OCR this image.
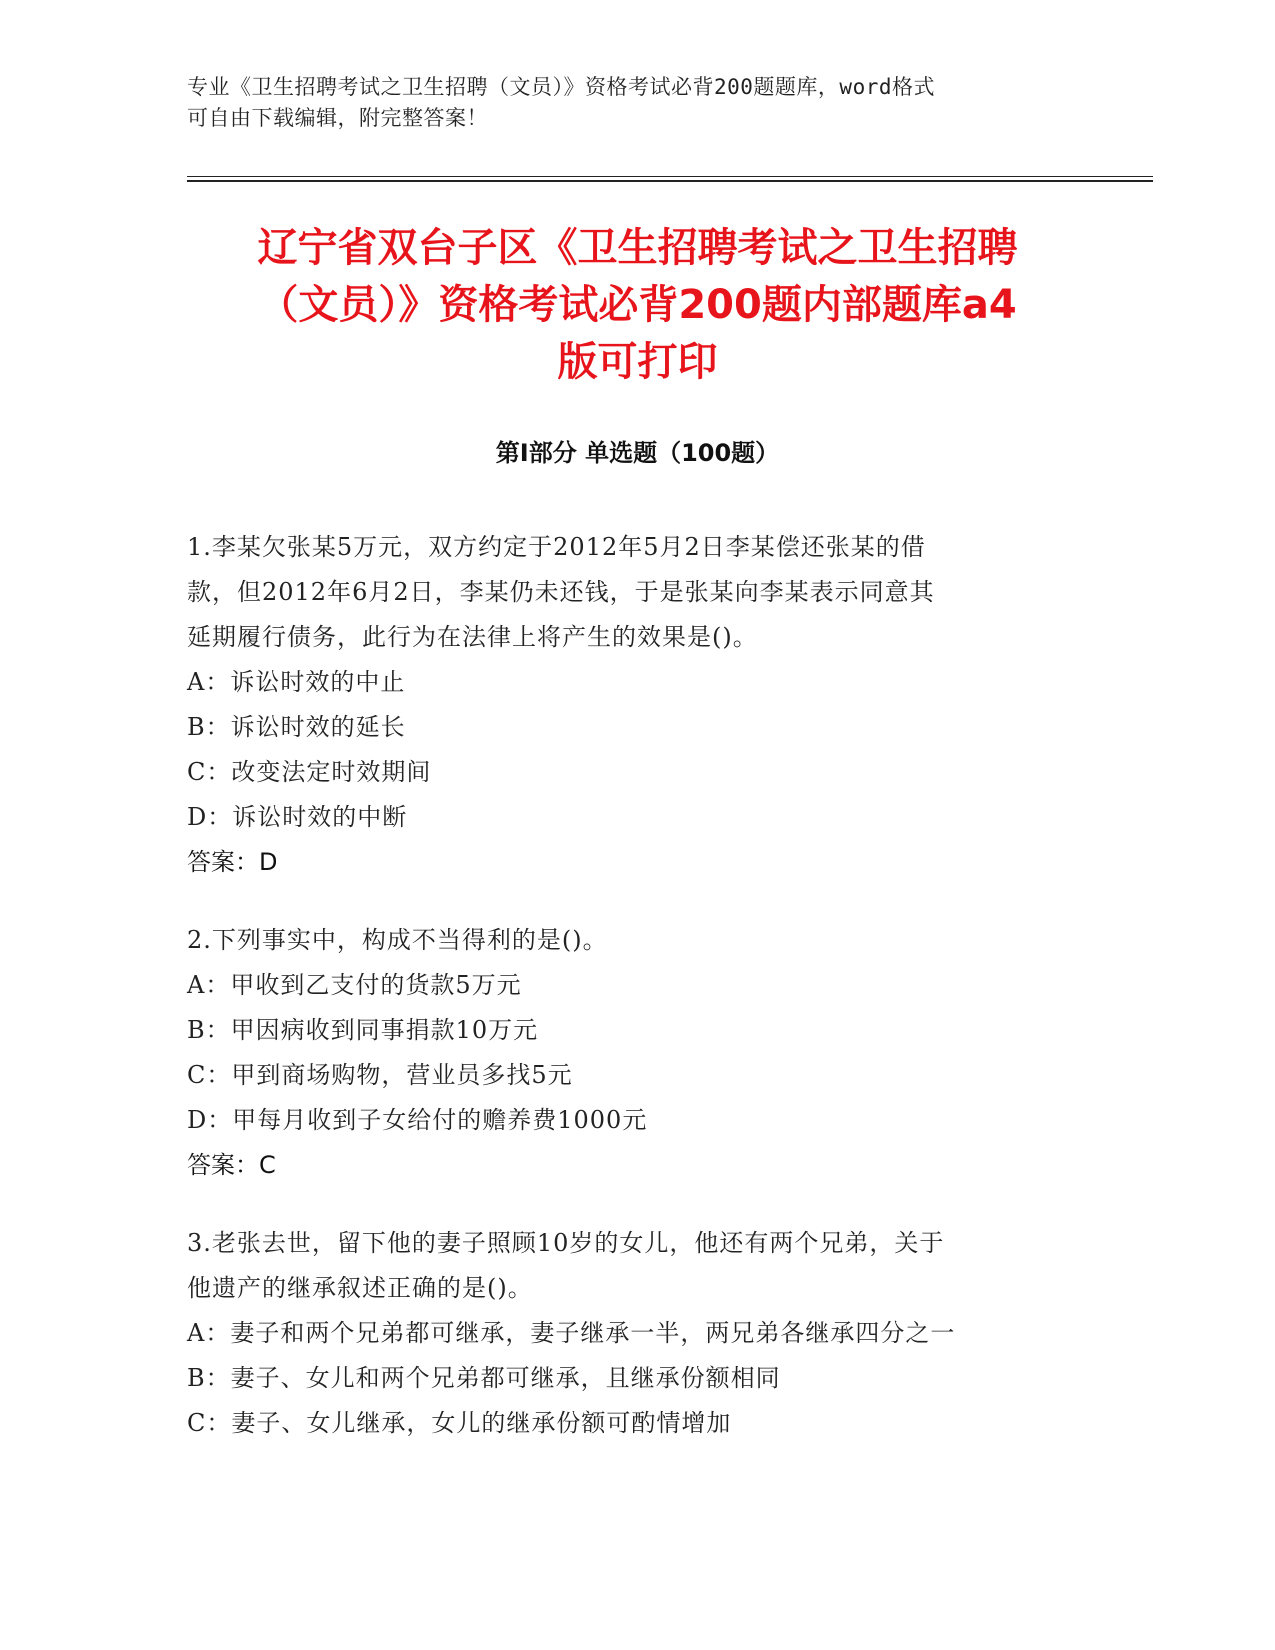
专业《卫生招聘考试之卫生招聘（文员）》资格考试必背200题题库，word格式
可自由下载编辑，附完整答案！
辽宁省双台子区《卫生招聘考试之卫生招聘
（文员）》资格考试必背200题内部题库a4
版可打印
第Ⅰ部分 单选题（100题）

1.李某欠张某5万元，双方约定于2012年5月2日李某偿还张某的借

款，但2012年6月2日，李某仍未还钱，于是张某向李某表示同意其

延期履行债务，此行为在法律上将产生的效果是()。

A：诉讼时效的中止

B：诉讼时效的延长

C：改变法定时效期间

D：诉讼时效的中断

答案：D

2.下列事实中，构成不当得利的是()。

A：甲收到乙支付的货款5万元

B：甲因病收到同事捐款10万元

C：甲到商场购物，营业员多找5元

D：甲每月收到子女给付的赡养费1000元

答案：C

3.老张去世，留下他的妻子照顾10岁的女儿，他还有两个兄弟，关于

他遗产的继承叙述正确的是()。

A：妻子和两个兄弟都可继承，妻子继承一半，两兄弟各继承四分之一

B：妻子、女儿和两个兄弟都可继承，且继承份额相同

C：妻子、女儿继承，女儿的继承份额可酌情增加
